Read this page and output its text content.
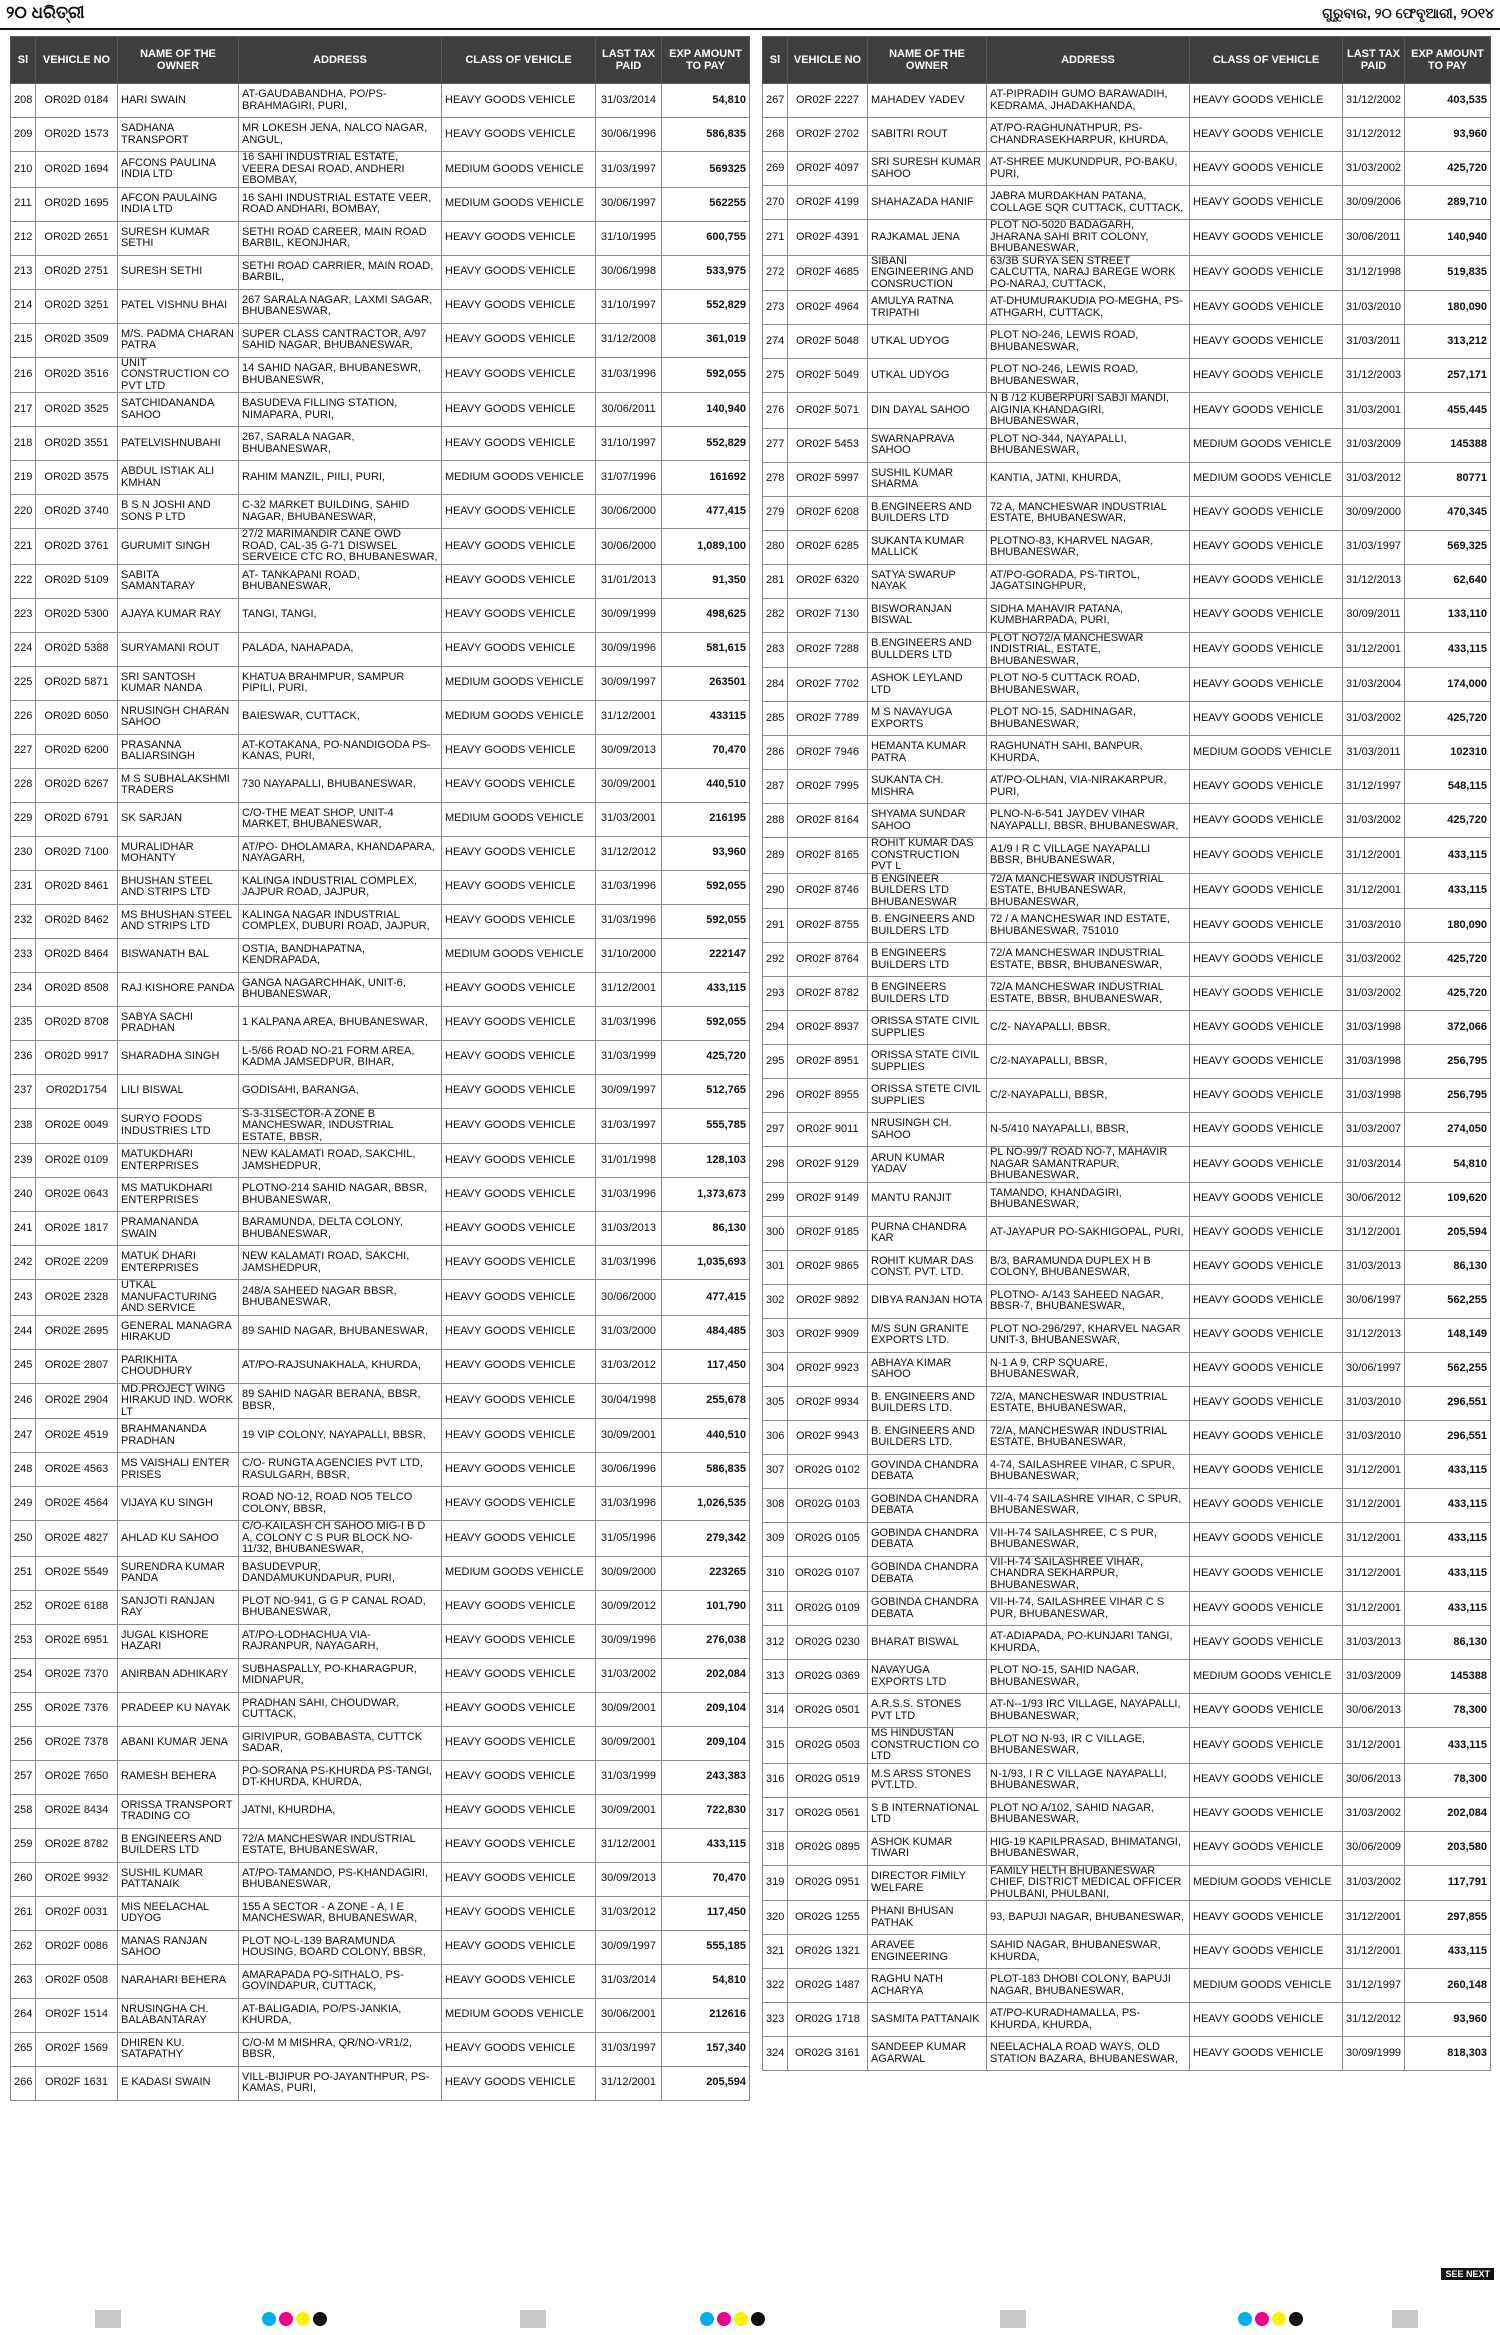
୨୦ ଧରିତ୍ରୀ	ଗୁରୁବାର, ୨୦ ଫେବୃଆରୀ, ୨୦୧୪
Sl	VEHICLE NO	NAME OF THE OWNER	ADDRESS	CLASS OF VEHICLE	LAST TAX PAID	EXP AMOUNT TO PAY
208	OR02D 0184	HARI SWAIN	AT-GAUDABANDHA, PO/PS-BRAHMAGIRI, PURI,	HEAVY GOODS VEHICLE	31/03/2014	54,810
209	OR02D 1573	SADHANA TRANSPORT	MR LOKESH JENA, NALCO NAGAR, ANGUL,	HEAVY GOODS VEHICLE	30/06/1996	586,835
210	OR02D 1694	AFCONS PAULINA INDIA LTD	16 SAHI INDUSTRIAL ESTATE, VEERA DESAI ROAD, ANDHERI EBOMBAY,	MEDIUM GOODS VEHICLE	31/03/1997	569325
211	OR02D 1695	AFCON PAULAING INDIA LTD	16 SAHI INDUSTRIAL ESTATE VEER, ROAD ANDHARI, BOMBAY,	MEDIUM GOODS VEHICLE	30/06/1997	562255
212	OR02D 2651	SURESH KUMAR SETHI	SETHI ROAD CAREER, MAIN ROAD BARBIL, KEONJHAR,	HEAVY GOODS VEHICLE	31/10/1995	600,755
213	OR02D 2751	SURESH SETHI	SETHI ROAD CARRIER, MAIN ROAD, BARBIL,	HEAVY GOODS VEHICLE	30/06/1998	533,975
214	OR02D 3251	PATEL VISHNU BHAI	267 SARALA NAGAR, LAXMI SAGAR, BHUBANESWAR,	HEAVY GOODS VEHICLE	31/10/1997	552,829
215	OR02D 3509	M/S. PADMA CHARAN PATRA	SUPER CLASS CANTRACTOR, A/97 SAHID NAGAR, BHUBANESWAR,	HEAVY GOODS VEHICLE	31/12/2008	361,019
216	OR02D 3516	UNIT CONSTRUCTION CO PVT LTD	14 SAHID NAGAR, BHUBANESWR, BHUBANESWR,	HEAVY GOODS VEHICLE	31/03/1996	592,055
217	OR02D 3525	SATCHIDANANDA SAHOO	BASUDEVA FILLING STATION, NIMAPARA, PURI,	HEAVY GOODS VEHICLE	30/06/2011	140,940
218	OR02D 3551	PATELVISHNUBAHI	267, SARALA NAGAR, BHUBANESWAR,	HEAVY GOODS VEHICLE	31/10/1997	552,829
219	OR02D 3575	ABDUL ISTIAK ALI KMHAN	RAHIM MANZIL, PIILI, PURI,	MEDIUM GOODS VEHICLE	31/07/1996	161692
220	OR02D 3740	B S N JOSHI AND SONS P LTD	C-32 MARKET BUILDING, SAHID NAGAR, BHUBANESWAR,	HEAVY GOODS VEHICLE	30/06/2000	477,415
221	OR02D 3761	GURUMIT SINGH	27/2 MARIMANDIR CANE OWD ROAD, CAL-35 G-71 DISWSEL SERVEICE CTC RO, BHUBANESWAR,	HEAVY GOODS VEHICLE	30/06/2000	1,089,100
222	OR02D 5109	SABITA SAMANTARAY	AT- TANKAPANI ROAD, BHUBANESWAR,	HEAVY GOODS VEHICLE	31/01/2013	91,350
223	OR02D 5300	AJAYA KUMAR RAY	TANGI, TANGI,	HEAVY GOODS VEHICLE	30/09/1999	498,625
224	OR02D 5388	SURYAMANI ROUT	PALADA, NAHAPADA,	HEAVY GOODS VEHICLE	30/09/1996	581,615
225	OR02D 5871	SRI SANTOSH KUMAR NANDA	KHATUA BRAHMPUR, SAMPUR PIPILI, PURI,	MEDIUM GOODS VEHICLE	30/09/1997	263501
226	OR02D 6050	NRUSINGH CHARAN SAHOO	BAIESWAR, CUTTACK,	MEDIUM GOODS VEHICLE	31/12/2001	433115
227	OR02D 6200	PRASANNA BALIARSINGH	AT-KOTAKANA, PO-NANDIGODA PS-KANAS, PURI,	HEAVY GOODS VEHICLE	30/09/2013	70,470
228	OR02D 6267	M S SUBHALAKSHMI TRADERS	730 NAYAPALLI, BHUBANESWAR,	HEAVY GOODS VEHICLE	30/09/2001	440,510
229	OR02D 6791	SK SARJAN	C/O-THE MEAT SHOP, UNIT-4 MARKET, BHUBANESWAR,	MEDIUM GOODS VEHICLE	31/03/2001	216195
230	OR02D 7100	MURALIDHAR MOHANTY	AT/PO- DHOLAMARA, KHANDAPARA, NAYAGARH,	HEAVY GOODS VEHICLE	31/12/2012	93,960
231	OR02D 8461	BHUSHAN STEEL AND STRIPS LTD	KALINGA INDUSTRIAL COMPLEX, JAJPUR ROAD, JAJPUR,	HEAVY GOODS VEHICLE	31/03/1996	592,055
232	OR02D 8462	MS BHUSHAN STEEL AND STRIPS LTD	KALINGA NAGAR INDUSTRIAL COMPLEX, DUBURI ROAD, JAJPUR,	HEAVY GOODS VEHICLE	31/03/1996	592,055
233	OR02D 8464	BISWANATH BAL	OSTIA, BANDHAPATNA, KENDRAPADA,	MEDIUM GOODS VEHICLE	31/10/2000	222147
234	OR02D 8508	RAJ KISHORE PANDA	GANGA NAGARCHHAK, UNIT-6, BHUBANESWAR,	HEAVY GOODS VEHICLE	31/12/2001	433,115
235	OR02D 8708	SABYA SACHI PRADHAN	1 KALPANA AREA, BHUBANESWAR,	HEAVY GOODS VEHICLE	31/03/1996	592,055
236	OR02D 9917	SHARADHA SINGH	L-5/66 ROAD NO-21 FORM AREA, KADMA JAMSEDPUR, BIHAR,	HEAVY GOODS VEHICLE	31/03/1999	425,720
237	OR02D1754	LILI BISWAL	GODISAHI, BARANGA,	HEAVY GOODS VEHICLE	30/09/1997	512,765
238	OR02E 0049	SURYO FOODS INDUSTRIES LTD	S-3-31SECTOR-A ZONE B MANCHESWAR, INDUSTRIAL ESTATE, BBSR,	HEAVY GOODS VEHICLE	31/03/1997	555,785
239	OR02E 0109	MATUKDHARI ENTERPRISES	NEW KALAMATI ROAD, SAKCHIL, JAMSHEDPUR,	HEAVY GOODS VEHICLE	31/01/1998	128,103
240	OR02E 0643	MS MATUKDHARI ENTERPRISES	PLOTNO-214 SAHID NAGAR, BBSR, BHUBANESWAR,	HEAVY GOODS VEHICLE	31/03/1996	1,373,673
241	OR02E 1817	PRAMANANDA SWAIN	BARAMUNDA, DELTA COLONY, BHUBANESWAR,	HEAVY GOODS VEHICLE	31/03/2013	86,130
242	OR02E 2209	MATUK DHARI ENTERPRISES	NEW KALAMATI ROAD, SAKCHI, JAMSHEDPUR,	HEAVY GOODS VEHICLE	31/03/1996	1,035,693
243	OR02E 2328	UTKAL MANUFACTURING AND SERVICE	248/A SAHEED NAGAR BBSR, BHUBANESWAR,	HEAVY GOODS VEHICLE	30/06/2000	477,415
244	OR02E 2695	GENERAL MANAGRA HIRAKUD	89 SAHID NAGAR, BHUBANESWAR,	HEAVY GOODS VEHICLE	31/03/2000	484,485
245	OR02E 2807	PARIKHITA CHOUDHURY	AT/PO-RAJSUNAKHALA, KHURDA,	HEAVY GOODS VEHICLE	31/03/2012	117,450
246	OR02E 2904	MD.PROJECT WING HIRAKUD IND. WORK LT	89 SAHID NAGAR BERANA, BBSR, BBSR,	HEAVY GOODS VEHICLE	30/04/1998	255,678
247	OR02E 4519	BRAHMANANDA PRADHAN	19 VIP COLONY, NAYAPALLI, BBSR,	HEAVY GOODS VEHICLE	30/09/2001	440,510
248	OR02E 4563	MS VAISHALI ENTER PRISES	C/O- RUNGTA AGENCIES PVT LTD, RASULGARH, BBSR,	HEAVY GOODS VEHICLE	30/06/1996	586,835
249	OR02E 4564	VIJAYA KU SINGH	ROAD NO-12, ROAD NO5 TELCO COLONY, BBSR,	HEAVY GOODS VEHICLE	31/03/1996	1,026,535
250	OR02E 4827	AHLAD KU SAHOO	C/O-KAILASH CH SAHOO MIG-I B D A, COLONY C S PUR BLOCK NO-11/32, BHUBANESWAR,	HEAVY GOODS VEHICLE	31/05/1996	279,342
251	OR02E 5549	SURENDRA KUMAR PANDA	BASUDEVPUR, DANDAMUKUNDAPUR, PURI,	MEDIUM GOODS VEHICLE	30/09/2000	223265
252	OR02E 6188	SANJOTI RANJAN RAY	PLOT NO-941, G G P CANAL ROAD, BHUBANESWAR,	HEAVY GOODS VEHICLE	30/09/2012	101,790
253	OR02E 6951	JUGAL KISHORE HAZARI	AT/PO-LODHACHUA VIA-RAJRANPUR, NAYAGARH,	HEAVY GOODS VEHICLE	30/09/1996	276,038
254	OR02E 7370	ANIRBAN ADHIKARY	SUBHASPALLY, PO-KHARAGPUR, MIDNAPUR,	HEAVY GOODS VEHICLE	31/03/2002	202,084
255	OR02E 7376	PRADEEP KU NAYAK	PRADHAN SAHI, CHOUDWAR, CUTTACK,	HEAVY GOODS VEHICLE	30/09/2001	209,104
256	OR02E 7378	ABANI KUMAR JENA	GIRIVIPUR, GOBABASTA, CUTTCK SADAR,	HEAVY GOODS VEHICLE	30/09/2001	209,104
257	OR02E 7650	RAMESH BEHERA	PO-SORANA PS-KHURDA PS-TANGI, DT-KHURDA, KHURDA,	HEAVY GOODS VEHICLE	31/03/1999	243,383
258	OR02E 8434	ORISSA TRANSPORT TRADING CO	JATNI, KHURDHA,	HEAVY GOODS VEHICLE	30/09/2001	722,830
259	OR02E 8782	B ENGINEERS AND BUILDERS LTD	72/A MANCHESWAR INDUSTRIAL ESTATE, BHUBANESWAR,	HEAVY GOODS VEHICLE	31/12/2001	433,115
260	OR02E 9932	SUSHIL KUMAR PATTANAIK	AT/PO-TAMANDO, PS-KHANDAGIRI, BHUBANESWAR,	HEAVY GOODS VEHICLE	30/09/2013	70,470
261	OR02F 0031	MIS NEELACHAL UDYOG	155 A SECTOR - A ZONE - A, I E MANCHESWAR, BHUBANESWAR,	HEAVY GOODS VEHICLE	31/03/2012	117,450
262	OR02F 0086	MANAS RANJAN SAHOO	PLOT NO-L-139 BARAMUNDA HOUSING, BOARD COLONY, BBSR,	HEAVY GOODS VEHICLE	30/09/1997	555,185
263	OR02F 0508	NARAHARI BEHERA	AMARAPADA PO-SITHALO, PS-GOVINDAPUR, CUTTACK,	HEAVY GOODS VEHICLE	31/03/2014	54,810
264	OR02F 1514	NRUSINGHA CH. BALABANTARAY	AT-BALIGADIA, PO/PS-JANKIA, KHURDA,	MEDIUM GOODS VEHICLE	30/06/2001	212616
265	OR02F 1569	DHIREN KU. SATAPATHY	C/O-M M MISHRA, QR/NO-VR1/2, BBSR,	HEAVY GOODS VEHICLE	31/03/1997	157,340
266	OR02F 1631	E KADASI SWAIN	VILL-BIJIPUR PO-JAYANTHPUR, PS-KAMAS, PURI,	HEAVY GOODS VEHICLE	31/12/2001	205,594
Sl	VEHICLE NO	NAME OF THE OWNER	ADDRESS	CLASS OF VEHICLE	LAST TAX PAID	EXP AMOUNT TO PAY
267	OR02F 2227	MAHADEV YADEV	AT-PIPRADIH GUMO BARAWADIH, KEDRAMA, JHADAKHANDA,	HEAVY GOODS VEHICLE	31/12/2002	403,535
268	OR02F 2702	SABITRI ROUT	AT/PO-RAGHUNATHPUR, PS-CHANDRASEKHARPUR, KHURDA,	HEAVY GOODS VEHICLE	31/12/2012	93,960
269	OR02F 4097	SRI SURESH KUMAR SAHOO	AT-SHREE MUKUNDPUR, PO-BAKU, PURI,	HEAVY GOODS VEHICLE	31/03/2002	425,720
270	OR02F 4199	SHAHAZADA HANIF	JABRA MURDAKHAN PATANA, COLLAGE SQR CUTTACK, CUTTACK,	HEAVY GOODS VEHICLE	30/09/2006	289,710
271	OR02F 4391	RAJKAMAL JENA	PLOT NO-5020 BADAGARH, JHARANA SAHI BRIT COLONY, BHUBANESWAR,	HEAVY GOODS VEHICLE	30/06/2011	140,940
272	OR02F 4685	SIBANI ENGINEERING AND CONSRUCTION	63/3B SURYA SEN STREET CALCUTTA, NARAJ BAREGE WORK PO-NARAJ, CUTTACK,	HEAVY GOODS VEHICLE	31/12/1998	519,835
273	OR02F 4964	AMULYA RATNA TRIPATHI	AT-DHUMURAKUDIA PO-MEGHA, PS-ATHGARH, CUTTACK,	HEAVY GOODS VEHICLE	31/03/2010	180,090
274	OR02F 5048	UTKAL UDYOG	PLOT NO-246, LEWIS ROAD, BHUBANESWAR,	HEAVY GOODS VEHICLE	31/03/2011	313,212
275	OR02F 5049	UTKAL UDYOG	PLOT NO-246, LEWIS ROAD, BHUBANESWAR,	HEAVY GOODS VEHICLE	31/12/2003	257,171
276	OR02F 5071	DIN DAYAL SAHOO	N B /12 KUBERPURI SABJI MANDI, AIGINIA KHANDAGIRI, BHUBANESWAR,	HEAVY GOODS VEHICLE	31/03/2001	455,445
277	OR02F 5453	SWARNAPRAVA SAHOO	PLOT NO-344, NAYAPALLI, BHUBANESWAR,	MEDIUM GOODS VEHICLE	31/03/2009	145388
278	OR02F 5997	SUSHIL KUMAR SHARMA	KANTIA, JATNI, KHURDA,	MEDIUM GOODS VEHICLE	31/03/2012	80771
279	OR02F 6208	B.ENGINEERS AND BUILDERS LTD	72 A, MANCHESWAR INDUSTRIAL ESTATE, BHUBANESWAR,	HEAVY GOODS VEHICLE	30/09/2000	470,345
280	OR02F 6285	SUKANTA KUMAR MALLICK	PLOTNO-83, KHARVEL NAGAR, BHUBANESWAR,	HEAVY GOODS VEHICLE	31/03/1997	569,325
281	OR02F 6320	SATYA SWARUP NAYAK	AT/PO-GORADA, PS-TIRTOL, JAGATSINGHPUR,	HEAVY GOODS VEHICLE	31/12/2013	62,640
282	OR02F 7130	BISWORANJAN BISWAL	SIDHA MAHAVIR PATANA, KUMBHARPADA, PURI,	HEAVY GOODS VEHICLE	30/09/2011	133,110
283	OR02F 7288	B.ENGINEERS AND BULLDERS LTD	PLOT NO72/A MANCHESWAR INDISTRIAL, ESTATE, BHUBANESWAR,	HEAVY GOODS VEHICLE	31/12/2001	433,115
284	OR02F 7702	ASHOK LEYLAND LTD	PLOT NO-5 CUTTACK ROAD, BHUBANESWAR,	HEAVY GOODS VEHICLE	31/03/2004	174,000
285	OR02F 7789	M S NAVAYUGA EXPORTS	PLOT NO-15, SADHINAGAR, BHUBANESWAR,	HEAVY GOODS VEHICLE	31/03/2002	425,720
286	OR02F 7946	HEMANTA KUMAR PATRA	RAGHUNATH SAHI, BANPUR, KHURDA,	MEDIUM GOODS VEHICLE	31/03/2011	102310
287	OR02F 7995	SUKANTA CH. MISHRA	AT/PO-OLHAN, VIA-NIRAKARPUR, PURI,	HEAVY GOODS VEHICLE	31/12/1997	548,115
288	OR02F 8164	SHYAMA SUNDAR SAHOO	PLNO-N-6-541 JAYDEV VIHAR NAYAPALLI, BBSR, BHUBANESWAR,	HEAVY GOODS VEHICLE	31/03/2002	425,720
289	OR02F 8165	ROHIT KUMAR DAS CONSTRUCTION PVT L	A1/9 I R C VILLAGE NAYAPALLI BBSR, BHUBANESWAR,	HEAVY GOODS VEHICLE	31/12/2001	433,115
290	OR02F 8746	B ENGINEER BUILDERS LTD BHUBANESWAR	72/A MANCHESWAR INDUSTRIAL ESTATE, BHUBANESWAR, BHUBANESWAR,	HEAVY GOODS VEHICLE	31/12/2001	433,115
291	OR02F 8755	B. ENGINEERS AND BUILDERS LTD	72 / A MANCHESWAR IND ESTATE, BHUBANESWAR, 751010	HEAVY GOODS VEHICLE	31/03/2010	180,090
292	OR02F 8764	B ENGINEERS BUILDERS LTD	72/A MANCHESWAR INDUSTRIAL ESTATE, BBSR, BHUBANESWAR,	HEAVY GOODS VEHICLE	31/03/2002	425,720
293	OR02F 8782	B ENGINEERS BUILDERS LTD	72/A MANCHESWAR INDUSTRIAL ESTATE, BBSR, BHUBANESWAR,	HEAVY GOODS VEHICLE	31/03/2002	425,720
294	OR02F 8937	ORISSA STATE CIVIL SUPPLIES	C/2- NAYAPALLI, BBSR,	HEAVY GOODS VEHICLE	31/03/1998	372,066
295	OR02F 8951	ORISSA STATE CIVIL SUPPLIES	C/2-NAYAPALLI, BBSR,	HEAVY GOODS VEHICLE	31/03/1998	256,795
296	OR02F 8955	ORISSA STETE CIVIL SUPPLIES	C/2-NAYAPALLI, BBSR,	HEAVY GOODS VEHICLE	31/03/1998	256,795
297	OR02F 9011	NRUSINGH CH. SAHOO	N-5/410 NAYAPALLI, BBSR,	HEAVY GOODS VEHICLE	31/03/2007	274,050
298	OR02F 9129	ARUN KUMAR YADAV	PL NO-99/7 ROAD NO-7, MAHAVIR NAGAR SAMANTRAPUR, BHUBANESWAR,	HEAVY GOODS VEHICLE	31/03/2014	54,810
299	OR02F 9149	MANTU RANJIT	TAMANDO, KHANDAGIRI, BHUBANESWAR,	HEAVY GOODS VEHICLE	30/06/2012	109,620
300	OR02F 9185	PURNA CHANDRA KAR	AT-JAYAPUR PO-SAKHIGOPAL, PURI,	HEAVY GOODS VEHICLE	31/12/2001	205,594
301	OR02F 9865	ROHIT KUMAR DAS CONST. PVT. LTD.	B/3, BARAMUNDA DUPLEX H B COLONY, BHUBANESWAR,	HEAVY GOODS VEHICLE	31/03/2013	86,130
302	OR02F 9892	DIBYA RANJAN HOTA	PLOTNO- A/143 SAHEED NAGAR, BBSR-7, BHUBANESWAR,	HEAVY GOODS VEHICLE	30/06/1997	562,255
303	OR02F 9909	M/S SUN GRANITE EXPORTS LTD.	PLOT NO-296/297, KHARVEL NAGAR UNIT-3, BHUBANESWAR,	HEAVY GOODS VEHICLE	31/12/2013	148,149
304	OR02F 9923	ABHAYA KIMAR SAHOO	N-1 A 9, CRP SQUARE, BHUBANESWAR,	HEAVY GOODS VEHICLE	30/06/1997	562,255
305	OR02F 9934	B. ENGINEERS AND BUILDERS LTD.	72/A, MANCHESWAR INDUSTRIAL ESTATE, BHUBANESWAR,	HEAVY GOODS VEHICLE	31/03/2010	296,551
306	OR02F 9943	B. ENGINEERS AND BUILDERS LTD.	72/A, MANCHESWAR INDUSTRIAL ESTATE, BHUBANESWAR,	HEAVY GOODS VEHICLE	31/03/2010	296,551
307	OR02G 0102	GOVINDA CHANDRA DEBATA	4-74, SAILASHREE VIHAR, C SPUR, BHUBANESWAR,	HEAVY GOODS VEHICLE	31/12/2001	433,115
308	OR02G 0103	GOBINDA CHANDRA DEBATA	VII-4-74 SAILASHRE VIHAR, C SPUR, BHUBANESWAR,	HEAVY GOODS VEHICLE	31/12/2001	433,115
309	OR02G 0105	GOBINDA CHANDRA DEBATA	VII-H-74 SAILASHREE, C S PUR, BHUBANESWAR,	HEAVY GOODS VEHICLE	31/12/2001	433,115
310	OR02G 0107	GOBINDA CHANDRA DEBATA	VII-H-74 SAILASHREE VIHAR, CHANDRA SEKHARPUR, BHUBANESWAR,	HEAVY GOODS VEHICLE	31/12/2001	433,115
311	OR02G 0109	GOBINDA CHANDRA DEBATA	VII-H-74, SAILASHREE VIHAR C S PUR, BHUBANESWAR,	HEAVY GOODS VEHICLE	31/12/2001	433,115
312	OR02G 0230	BHARAT BISWAL	AT-ADIAPADA, PO-KUNJARI TANGI, KHURDA,	HEAVY GOODS VEHICLE	31/03/2013	86,130
313	OR02G 0369	NAVAYUGA EXPORTS LTD	PLOT NO-15, SAHID NAGAR, BHUBANESWAR,	MEDIUM GOODS VEHICLE	31/03/2009	145388
314	OR02G 0501	A.R.S.S. STONES PVT LTD	AT-N--1/93 IRC VILLAGE, NAYAPALLI, BHUBANESWAR,	HEAVY GOODS VEHICLE	30/06/2013	78,300
315	OR02G 0503	MS HINDUSTAN CONSTRUCTION CO LTD	PLOT NO N-93, IR C VILLAGE, BHUBANESWAR,	HEAVY GOODS VEHICLE	31/12/2001	433,115
316	OR02G 0519	M.S ARSS STONES PVT.LTD.	N-1/93, I R C VILLAGE NAYAPALLI, BHUBANESWAR,	HEAVY GOODS VEHICLE	30/06/2013	78,300
317	OR02G 0561	S B INTERNATIONAL LTD	PLOT NO A/102, SAHID NAGAR, BHUBANESWAR,	HEAVY GOODS VEHICLE	31/03/2002	202,084
318	OR02G 0895	ASHOK KUMAR TIWARI	HIG-19 KAPILPRASAD, BHIMATANGI, BHUBANESWAR,	HEAVY GOODS VEHICLE	30/06/2009	203,580
319	OR02G 0951	DIRECTOR FIMILY WELFARE	FAMILY HELTH BHUBANESWAR CHIEF, DISTRICT MEDICAL OFFICER PHULBANI, PHULBANI,	MEDIUM GOODS VEHICLE	31/03/2002	117,791
320	OR02G 1255	PHANI BHUSAN PATHAK	93, BAPUJI NAGAR, BHUBANESWAR,	HEAVY GOODS VEHICLE	31/12/2001	297,855
321	OR02G 1321	ARAVEE ENGINEERING	SAHID NAGAR, BHUBANESWAR, KHURDA,	HEAVY GOODS VEHICLE	31/12/2001	433,115
322	OR02G 1487	RAGHU NATH ACHARYA	PLOT-183 DHOBI COLONY, BAPUJI NAGAR, BHUBANESWAR,	MEDIUM GOODS VEHICLE	31/12/1997	260,148
323	OR02G 1718	SASMITA PATTANAIK	AT/PO-KURADHAMALLA, PS-KHURDA, KHURDA,	HEAVY GOODS VEHICLE	31/12/2012	93,960
324	OR02G 3161	SANDEEP KUMAR AGARWAL	NEELACHALA ROAD WAYS, OLD STATION BAZARA, BHUBANESWAR,	HEAVY GOODS VEHICLE	30/09/1999	818,303
SEE NEXT
